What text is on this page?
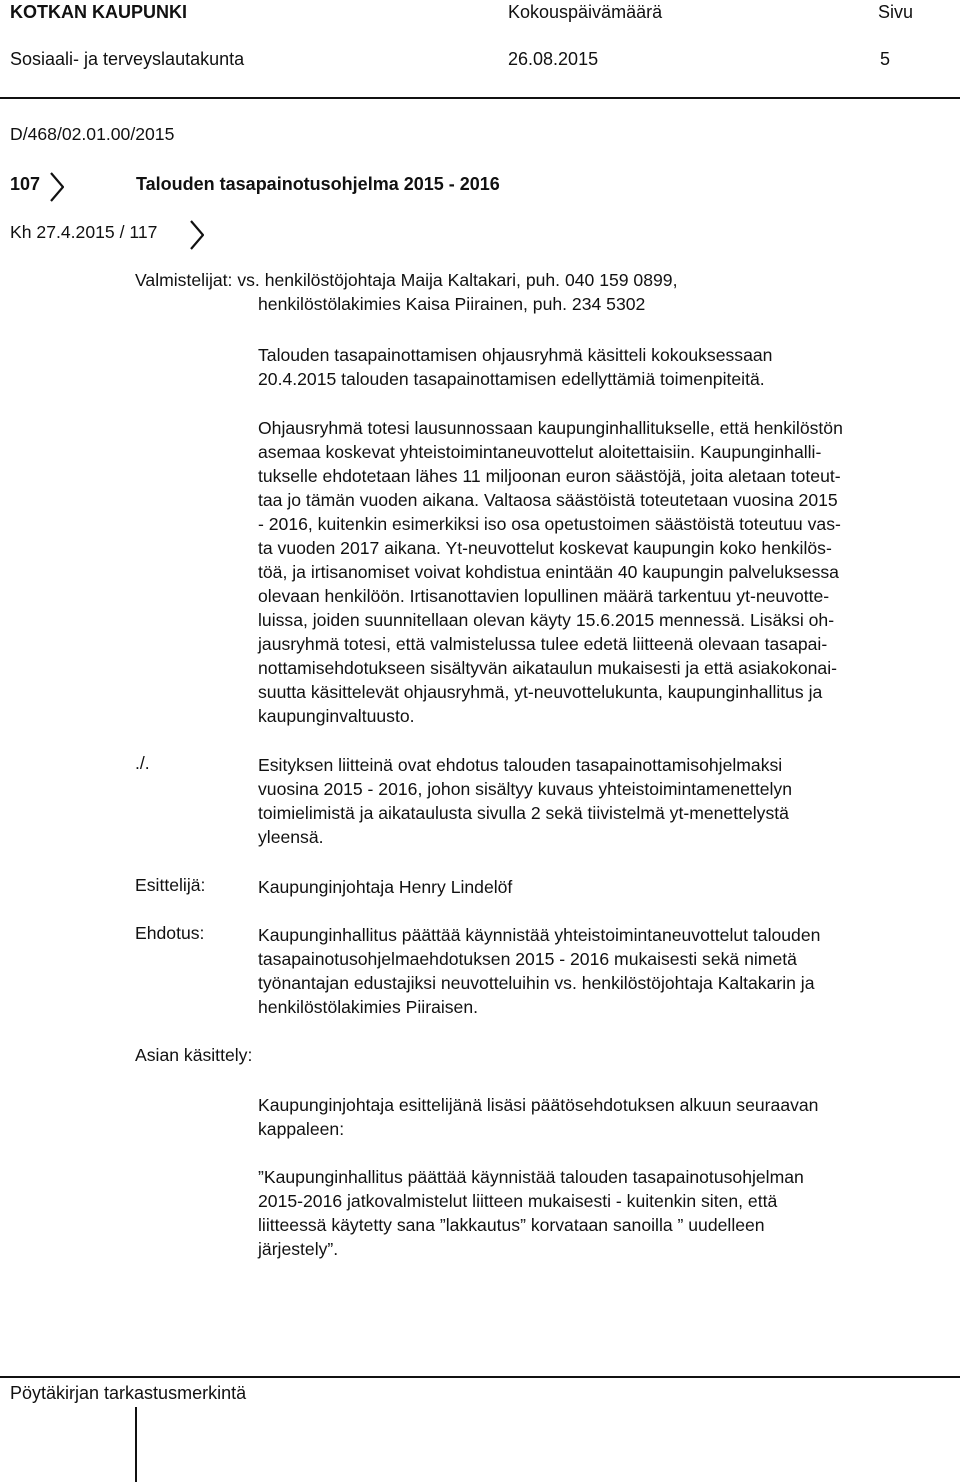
KOTKAN KAUPUNKI	Kokouspäivämäärä	Sivu
Sosiaali- ja terveyslautakunta	26.08.2015	5
D/468/02.01.00/2015
107	Talouden tasapainotusohjelma 2015 - 2016
Kh 27.4.2015 / 117
Valmistelijat: vs. henkilöstöjohtaja Maija Kaltakari, puh. 040 159 0899,
henkilöstölakimies Kaisa Piirainen, puh. 234 5302
Talouden tasapainottamisen ohjausryhmä käsitteli kokouksessaan
20.4.2015 talouden tasapainottamisen edellyttämiä toimenpiteitä.
Ohjausryhmä totesi lausunnossaan kaupunginhallitukselle, että henkilöstön
asemaa koskevat yhteistoimintaneuvottelut aloitettaisiin. Kaupunginhalli-
tukselle ehdotetaan lähes 11 miljoonan euron säästöjä, joita aletaan toteut-
taa jo tämän vuoden aikana. Valtaosa säästöistä toteutetaan vuosina 2015
- 2016, kuitenkin esimerkiksi iso osa opetustoimen säästöistä toteutuu vas-
ta vuoden 2017 aikana. Yt-neuvottelut koskevat kaupungin koko henkilös-
töä, ja irtisanomiset voivat kohdistua enintään 40 kaupungin palveluksessa
olevaan henkilöön. Irtisanottavien lopullinen määrä tarkentuu yt-neuvotte-
luissa, joiden suunnitellaan olevan käyty 15.6.2015 mennessä. Lisäksi oh-
jausryhmä totesi, että valmistelussa tulee edetä liitteenä olevaan tasapai-
nottamisehdotukseen sisältyvän aikataulun mukaisesti ja että asiakokonai-
suutta käsittelevät ohjausryhmä, yt-neuvottelukunta, kaupunginhallitus ja
kaupunginvaltuusto.
./.	Esityksen liitteinä ovat ehdotus talouden tasapainottamisohjelmaksi
vuosina 2015 - 2016, johon sisältyy kuvaus yhteistoimintamenettelyn
toimielimistä ja aikataulusta sivulla 2 sekä tiivistelmä yt-menettelystä
yleensä.
Esittelijä:	Kaupunginjohtaja Henry Lindelöf
Ehdotus:	Kaupunginhallitus päättää käynnistää yhteistoimintaneuvottelut talouden
tasapainotusohjelmaehdotuksen 2015 - 2016 mukaisesti sekä nimetä
työnantajan edustajiksi neuvotteluihin vs. henkilöstöjohtaja Kaltakarin ja
henkilöstölakimies Piiraisen.
Asian käsittely:
Kaupunginjohtaja esittelijänä lisäsi päätösehdotuksen alkuun seuraavan
kappaleen:
”Kaupunginhallitus päättää käynnistää talouden tasapainotusohjelman
2015-2016 jatkovalmistelut liitteen mukaisesti - kuitenkin siten, että
liitteessä käytetty sana ”lakkautus” korvataan sanoilla ” uudelleen
järjestely”.
Pöytäkirjan tarkastusmerkintä
